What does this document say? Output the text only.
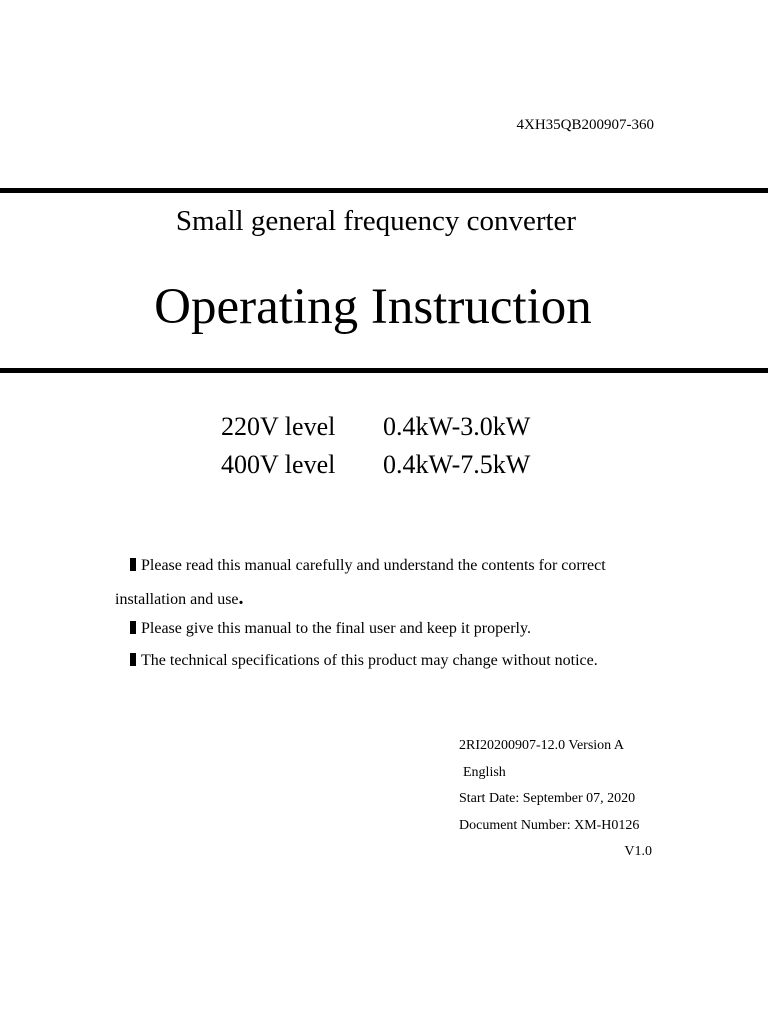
4XH35QB200907-360
Small general frequency converter
Operating Instruction
220V level 0.4kW-3.0kW
400V level 0.4kW-7.5kW
Please read this manual carefully and understand the contents for correct
installation and use.
Please give this manual to the final user and keep it properly.
The technical specifications of this product may change without notice.
2RI20200907-12.0 Version A
English
Start Date: September 07, 2020
Document Number: XM-H0126
V1.0
